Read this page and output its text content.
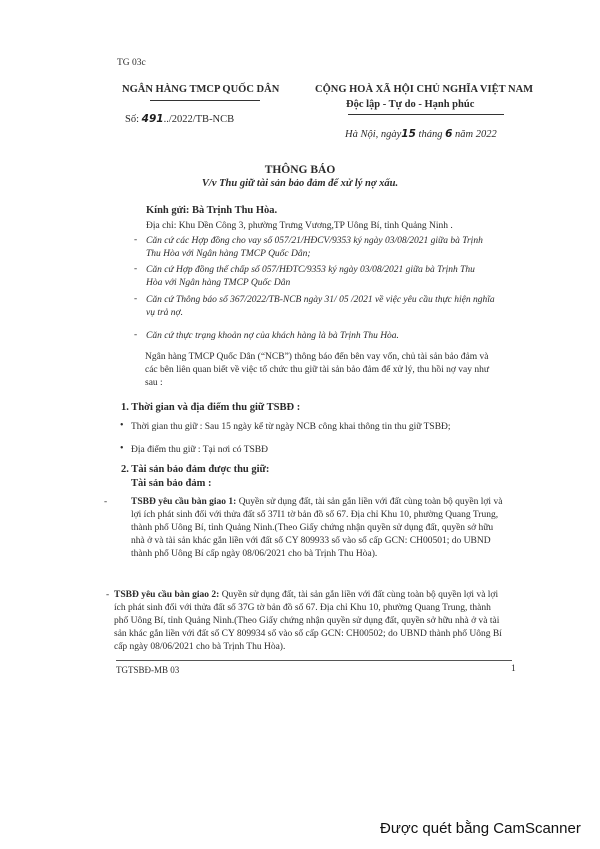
TG 03c
NGÂN HÀNG TMCP QUỐC DÂN
Số: 491../2022/TB-NCB
CỘNG HOÀ XÃ HỘI CHỦ NGHĨA VIỆT NAM
Độc lập - Tự do - Hạnh phúc
Hà Nội, ngày15 tháng 6 năm 2022
THÔNG BÁO
V/v Thu giữ tài sản bảo đảm để xử lý nợ xấu.
Kính gửi: Bà Trịnh Thu Hòa.
Địa chỉ: Khu Dền Công 3, phường Trưng Vương,TP Uông Bí, tỉnh Quảng Ninh .
- Căn cứ các Hợp đồng cho vay số 057/21/HĐCV/9353 ký ngày 03/08/2021 giữa bà Trịnh Thu Hòa với Ngân hàng TMCP Quốc Dân;
- Căn cứ Hợp đồng thế chấp số 057/HĐTC/9353 ký ngày 03/08/2021 giữa bà Trịnh Thu Hòa với Ngân hàng TMCP Quốc Dân
- Căn cứ Thông báo số 367/2022/TB-NCB ngày 31/ 05 /2021 về việc yêu cầu thực hiện nghĩa vụ trả nợ.
- Căn cứ thực trạng khoản nợ của khách hàng là bà Trịnh Thu Hòa.
Ngân hàng TMCP Quốc Dân (“NCB”) thông báo đến bên vay vốn, chủ tài sản bảo đảm và các bên liên quan biết về việc tổ chức thu giữ tài sản bảo đảm để xử lý, thu hồi nợ vay như sau :
1. Thời gian và địa điểm thu giữ TSBĐ :
• Thời gian thu giữ : Sau 15 ngày kể từ ngày NCB công khai thông tin thu giữ TSBĐ;
• Địa điểm thu giữ : Tại nơi có TSBĐ
2. Tài sản bảo đảm được thu giữ:
Tài sản bảo đảm :
-	TSBĐ yêu cầu bàn giao 1: Quyền sử dụng đất, tài sản gắn liền với đất cùng toàn bộ quyền lợi và lợi ích phát sinh đối với thửa đất số 37I1 tờ bản đồ số 67. Địa chỉ Khu 10, phường Quang Trung, thành phố Uông Bí, tỉnh Quảng Ninh.(Theo Giấy chứng nhận quyền sử dụng đất, quyền sở hữu nhà ở và tài sản khác gắn liền với đất số CY 809933 số vào sổ cấp GCN: CH00501; do UBND thành phố Uông Bí cấp ngày 08/06/2021 cho bà Trịnh Thu Hòa).
- TSBĐ yêu cầu bàn giao 2: Quyền sử dụng đất, tài sản gắn liền với đất cùng toàn bộ quyền lợi và lợi ích phát sinh đối với thửa đất số 37G tờ bản đồ số 67. Địa chỉ Khu 10, phường Quang Trung, thành phố Uông Bí, tỉnh Quảng Ninh.(Theo Giấy chứng nhận quyền sử dụng đất, quyền sở hữu nhà ở và tài sản khác gắn liền với đất số CY 809934 số vào sổ cấp GCN: CH00502; do UBND thành phố Uông Bí cấp ngày 08/06/2021 cho bà Trịnh Thu Hòa).
TGTSBĐ-MB 03	1
Được quét bằng CamScanner
